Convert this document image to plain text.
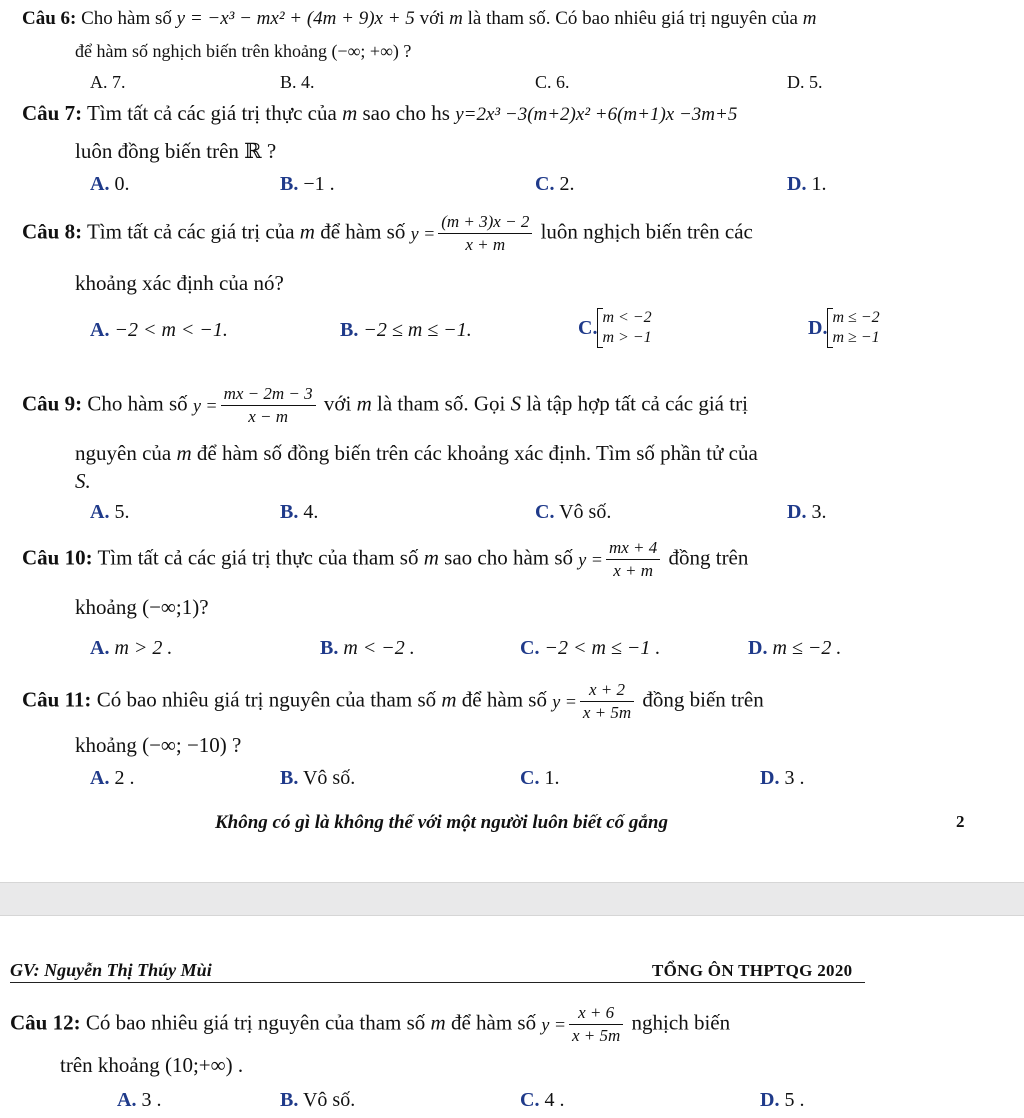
Câu 6: Cho hàm số y = −x³ − mx² + (4m + 9)x + 5 với m là tham số. Có bao nhiêu giá trị nguyên của m
để hàm số nghịch biến trên khoảng (−∞; +∞) ?
A. 7.	B. 4.	C. 6.	D. 5.
Câu 7: Tìm tất cả các giá trị thực của m sao cho hs y=2x³ −3(m+2)x² +6(m+1)x −3m+5
luôn đồng biến trên ℝ ?
A. 0.	B. −1 .	C. 2.	D. 1.
Câu 8: Tìm tất cả các giá trị của m để hàm số $y = \frac{(m + 3)x - 2}{x + m}$ luôn nghịch biến trên các
khoảng xác định của nó?
A. −2 < m < −1.	B. −2 ≤ m ≤ −1.	C. m < −2
m > −1	D. m ≤ −2
m ≥ −1
Câu 9: Cho hàm số $y = \frac{mx - 2m - 3}{x - m}$ với m là tham số. Gọi S là tập hợp tất cả các giá trị
nguyên của m để hàm số đồng biến trên các khoảng xác định. Tìm số phần tử của
S.
A. 5.	B. 4.	C. Vô số.	D. 3.
Câu 10: Tìm tất cả các giá trị thực của tham số m sao cho hàm số $y = \frac{mx + 4}{x + m}$ đồng trên
khoảng (−∞;1)?
A. m > 2 .	B. m < −2 .	C. −2 < m ≤ −1 .	D. m ≤ −2 .
Câu 11: Có bao nhiêu giá trị nguyên của tham số m để hàm số $y = \frac{x + 2}{x + 5m}$ đồng biến trên
khoảng (−∞; −10) ?
A. 2 .	B. Vô số.	C. 1.	D. 3 .
Không có gì là không thể với một người luôn biết cố gắng	2
GV: Nguyễn Thị Thúy Mùi	TỔNG ÔN THPTQG 2020
Câu 12: Có bao nhiêu giá trị nguyên của tham số m để hàm số $y = \frac{x + 6}{x + 5m}$ nghịch biến
trên khoảng (10;+∞) .
A. 3 .	B. Vô số.	C. 4 .	D. 5 .
